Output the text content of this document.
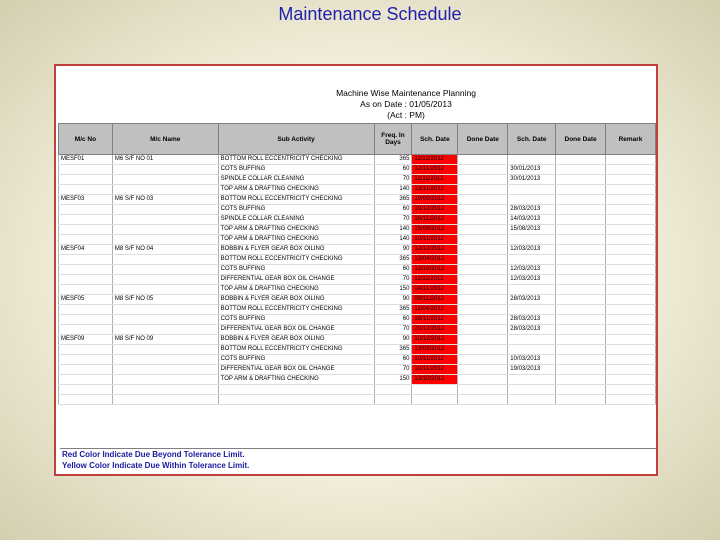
Maintenance Schedule
Machine Wise Maintenance Planning
As on Date : 01/05/2013
(Act : PM)
M/c No	M/c Name	Sub Activity	Freq. In Days	Sch. Date	Done Date	Sch. Date	Done Date	Remark
MESF01	M6 S/F NO 01	BOTTOM ROLL ECCENTRICITY CHECKING	365	11/12/2012				
		COTS BUFFING	60	12/11/2012		30/01/2013		
		SPINDLE COLLAR CLEANING	70	11/11/2012		30/01/2013		
		TOP ARM & DRAFTING CHECKING	140	13/11/2012				
MESF03	M6 S/F NO 03	BOTTOM ROLL ECCENTRICITY CHECKING	365	19/09/2012				
		COTS BUFFING	60	19/12/2012		28/03/2013		
		SPINDLE COLLAR CLEANING	70	16/11/2012		14/03/2013		
		TOP ARM & DRAFTING CHECKING	140	15/08/2012		15/08/2013		
		TOP ARM & DRAFTING CHECKING	140	10/11/2012				
MESF04	M8 S/F NO 04	BOBBIN & FLYER GEAR BOX OILING	90	12/12/2012		12/03/2013		
		BOTTOM ROLL ECCENTRICITY CHECKING	365	13/04/2012				
		COTS BUFFING	60	12/10/2012		12/03/2013		
		DIFFERENTIAL GEAR BOX OIL CHANGE	70	11/11/2012		12/03/2013		
		TOP ARM & DRAFTING CHECKING	150	04/11/2012				
MESF05	M8 S/F NO 05	BOBBIN & FLYER GEAR BOX OILING	90	08/11/2012		28/03/2013		
		BOTTOM ROLL ECCENTRICITY CHECKING	365	11/04/2012				
		COTS BUFFING	60	18/11/2012		28/03/2013		
		DIFFERENTIAL GEAR BOX OIL CHANGE	70	20/12/2012		28/03/2013		
MESF09	M8 S/F NO 09	BOBBIN & FLYER GEAR BOX OILING	90	10/12/2012				
		BOTTOM ROLL ECCENTRICITY CHECKING	365	13/03/2012				
		COTS BUFFING	60	10/11/2012		10/03/2013		
		DIFFERENTIAL GEAR BOX OIL CHANGE	70	10/11/2012		19/03/2013		
		TOP ARM & DRAFTING CHECKING	150	13/10/2012				

Red Color Indicate Due Beyond Tolerance Limit.
Yellow Color Indicate Due Within Tolerance Limit.
